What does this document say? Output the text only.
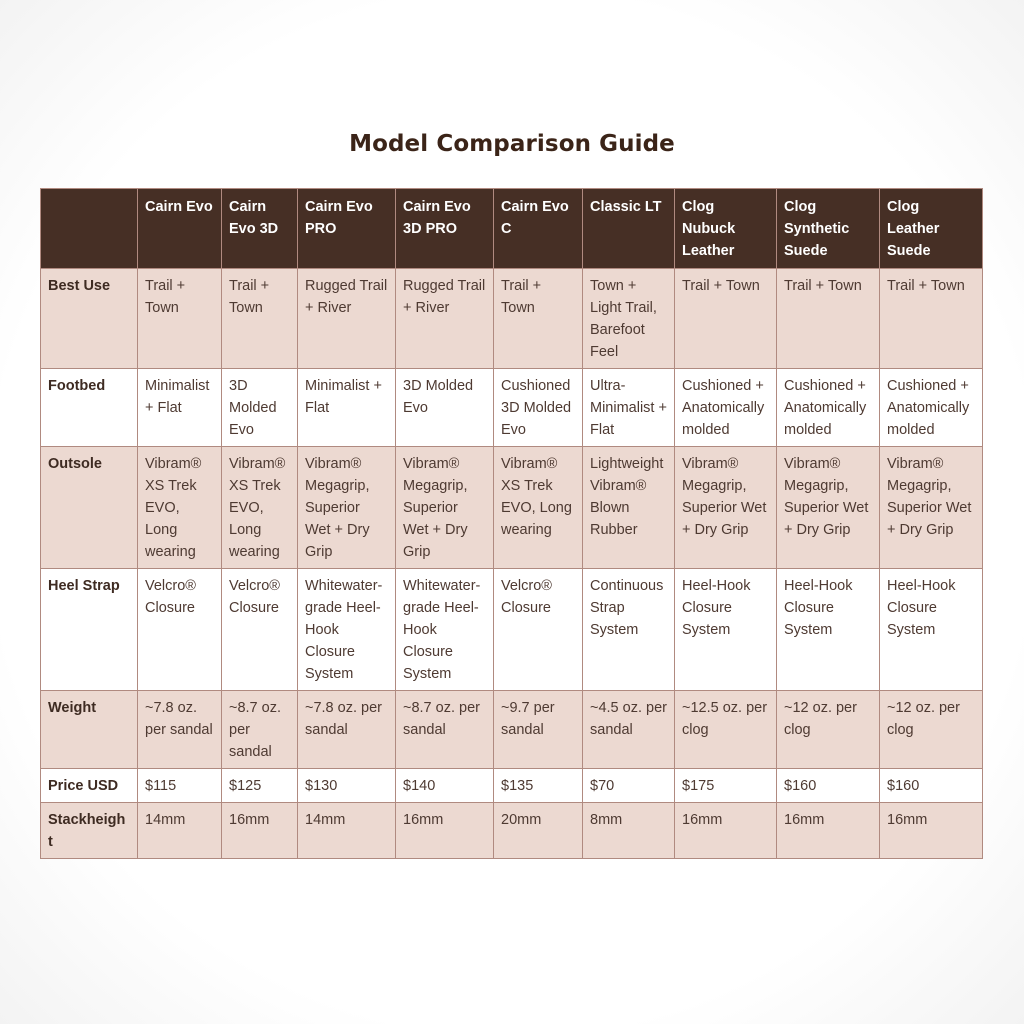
Model Comparison Guide
	Cairn Evo	Cairn Evo 3D	Cairn Evo PRO	Cairn Evo 3D PRO	Cairn Evo C	Classic LT	Clog Nubuck Leather	Clog Synthetic Suede	Clog Leather Suede
Best Use	Trail + Town	Trail + Town	Rugged Trail + River	Rugged Trail + River	Trail + Town	Town + Light Trail, Barefoot Feel	Trail + Town	Trail + Town	Trail + Town
Footbed	Minimalist + Flat	3D Molded Evo	Minimalist + Flat	3D Molded Evo	Cushioned 3D Molded Evo	Ultra-Minimalist + Flat	Cushioned + Anatomically molded	Cushioned + Anatomically molded	Cushioned + Anatomically molded
Outsole	Vibram® XS Trek EVO, Long wearing	Vibram® XS Trek EVO, Long wearing	Vibram® Megagrip, Superior Wet + Dry Grip	Vibram® Megagrip, Superior Wet + Dry Grip	Vibram® XS Trek EVO, Long wearing	Lightweight Vibram® Blown Rubber	Vibram® Megagrip, Superior Wet + Dry Grip	Vibram® Megagrip, Superior Wet + Dry Grip	Vibram® Megagrip, Superior Wet + Dry Grip
Heel Strap	Velcro® Closure	Velcro® Closure	Whitewater-grade Heel-Hook Closure System	Whitewater-grade Heel-Hook Closure System	Velcro® Closure	Continuous Strap System	Heel-Hook Closure System	Heel-Hook Closure System	Heel-Hook Closure System
Weight	~7.8 oz. per sandal	~8.7 oz. per sandal	~7.8 oz. per sandal	~8.7 oz. per sandal	~9.7 per sandal	~4.5 oz. per sandal	~12.5 oz. per clog	~12 oz. per clog	~12 oz. per clog
Price USD	$115	$125	$130	$140	$135	$70	$175	$160	$160
Stackheight	14mm	16mm	14mm	16mm	20mm	8mm	16mm	16mm	16mm
